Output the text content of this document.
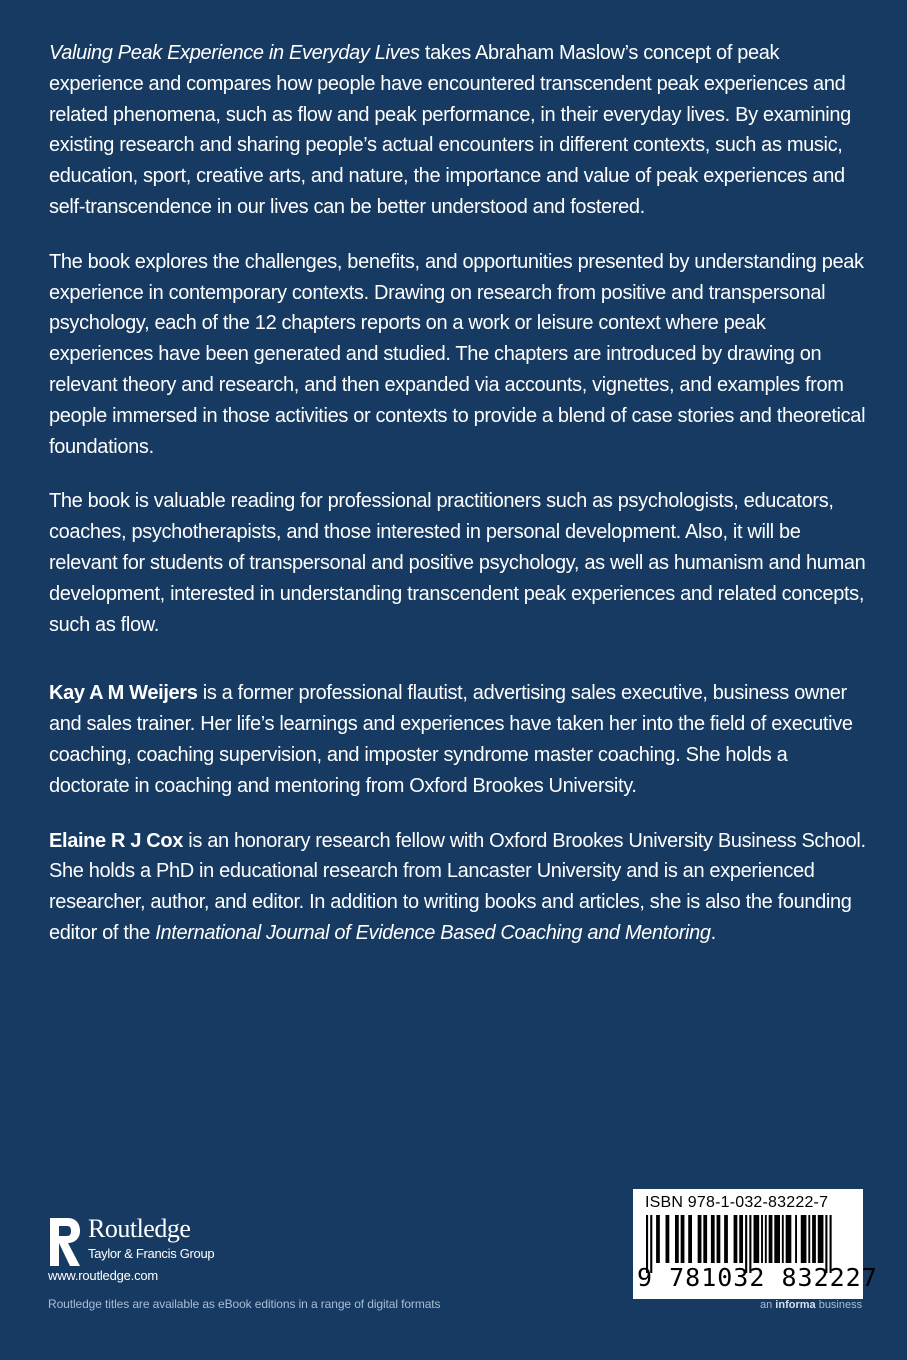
Valuing Peak Experience in Everyday Lives takes Abraham Maslow’s concept of peak experience and compares how people have encountered transcendent peak experiences and related phenomena, such as flow and peak performance, in their everyday lives. By examining existing research and sharing people’s actual encounters in different contexts, such as music, education, sport, creative arts, and nature, the importance and value of peak experiences and self-transcendence in our lives can be better understood and fostered.

The book explores the challenges, benefits, and opportunities presented by understanding peak experience in contemporary contexts. Drawing on research from positive and transpersonal psychology, each of the 12 chapters reports on a work or leisure context where peak experiences have been generated and studied. The chapters are introduced by drawing on relevant theory and research, and then expanded via accounts, vignettes, and examples from people immersed in those activities or contexts to provide a blend of case stories and theoretical foundations.

The book is valuable reading for professional practitioners such as psychologists, educators, coaches, psychotherapists, and those interested in personal development. Also, it will be relevant for students of transpersonal and positive psychology, as well as humanism and human development, interested in understanding transcendent peak experiences and related concepts, such as flow.

Kay A M Weijers is a former professional flautist, advertising sales executive, business owner and sales trainer. Her life’s learnings and experiences have taken her into the field of executive coaching, coaching supervision, and imposter syndrome master coaching. She holds a doctorate in coaching and mentoring from Oxford Brookes University.

Elaine R J Cox is an honorary research fellow with Oxford Brookes University Business School. She holds a PhD in educational research from Lancaster University and is an experienced researcher, author, and editor. In addition to writing books and articles, she is also the founding editor of the International Journal of Evidence Based Coaching and Mentoring.

Routledge
Taylor & Francis Group
www.routledge.com
Routledge titles are available as eBook editions in a range of digital formats
ISBN 978-1-032-83222-7
9 781032 832227
an informa business
